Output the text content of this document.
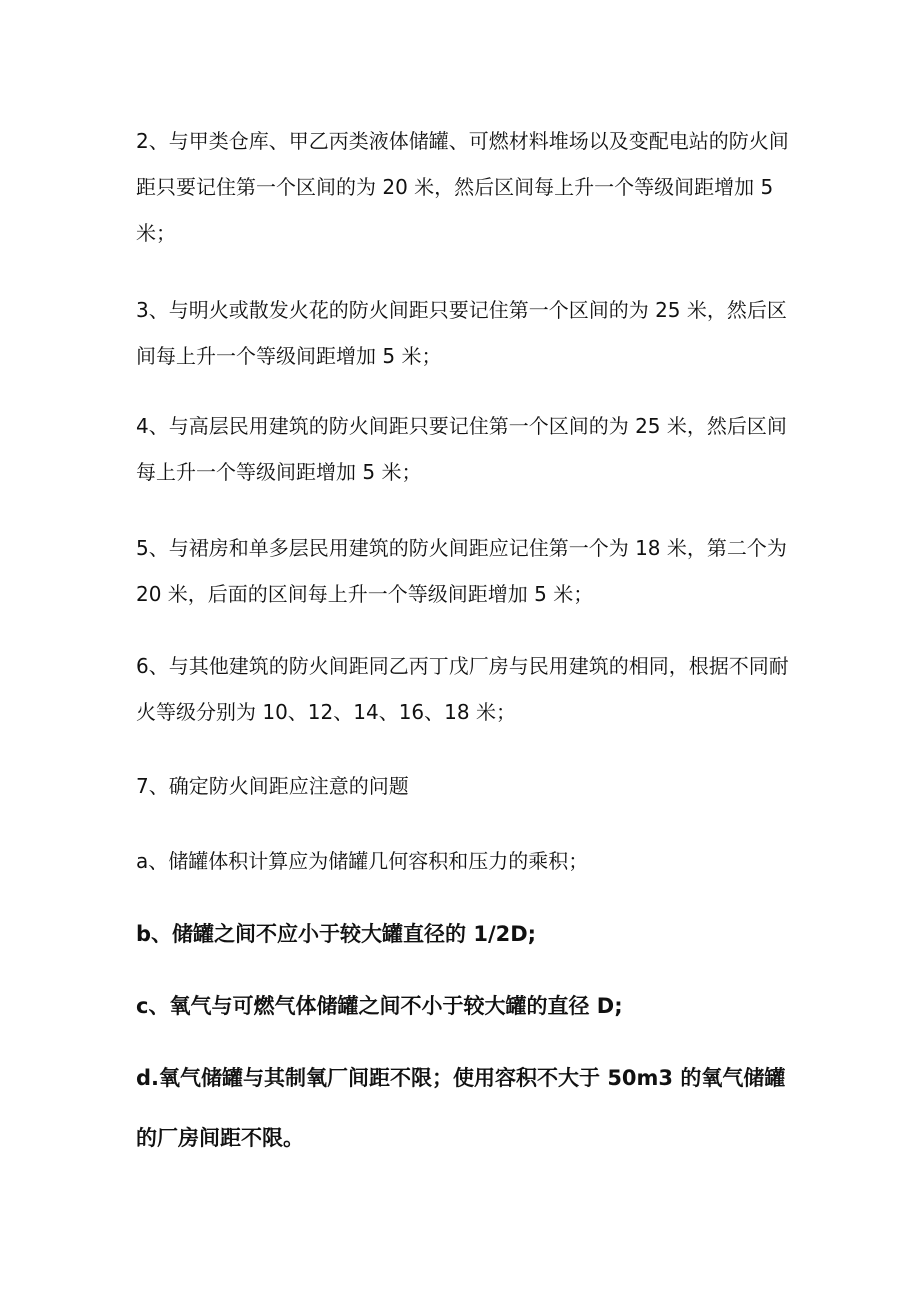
2、与甲类仓库、甲乙丙类液体储罐、可燃材料堆场以及变配电站的防火间
距只要记住第一个区间的为 20 米，然后区间每上升一个等级间距增加 5
米；

3、与明火或散发火花的防火间距只要记住第一个区间的为 25 米，然后区
间每上升一个等级间距增加 5 米；

4、与高层民用建筑的防火间距只要记住第一个区间的为 25 米，然后区间
每上升一个等级间距增加 5 米；

5、与裙房和单多层民用建筑的防火间距应记住第一个为 18 米，第二个为
20 米，后面的区间每上升一个等级间距增加 5 米；

6、与其他建筑的防火间距同乙丙丁戊厂房与民用建筑的相同，根据不同耐
火等级分别为 10、12、14、16、18 米；

7、确定防火间距应注意的问题

a、储罐体积计算应为储罐几何容积和压力的乘积；

b、储罐之间不应小于较大罐直径的 1/2D;

c、氧气与可燃气体储罐之间不小于较大罐的直径 D;

d.氧气储罐与其制氧厂间距不限；使用容积不大于 50m3 的氧气储罐
的厂房间距不限。
